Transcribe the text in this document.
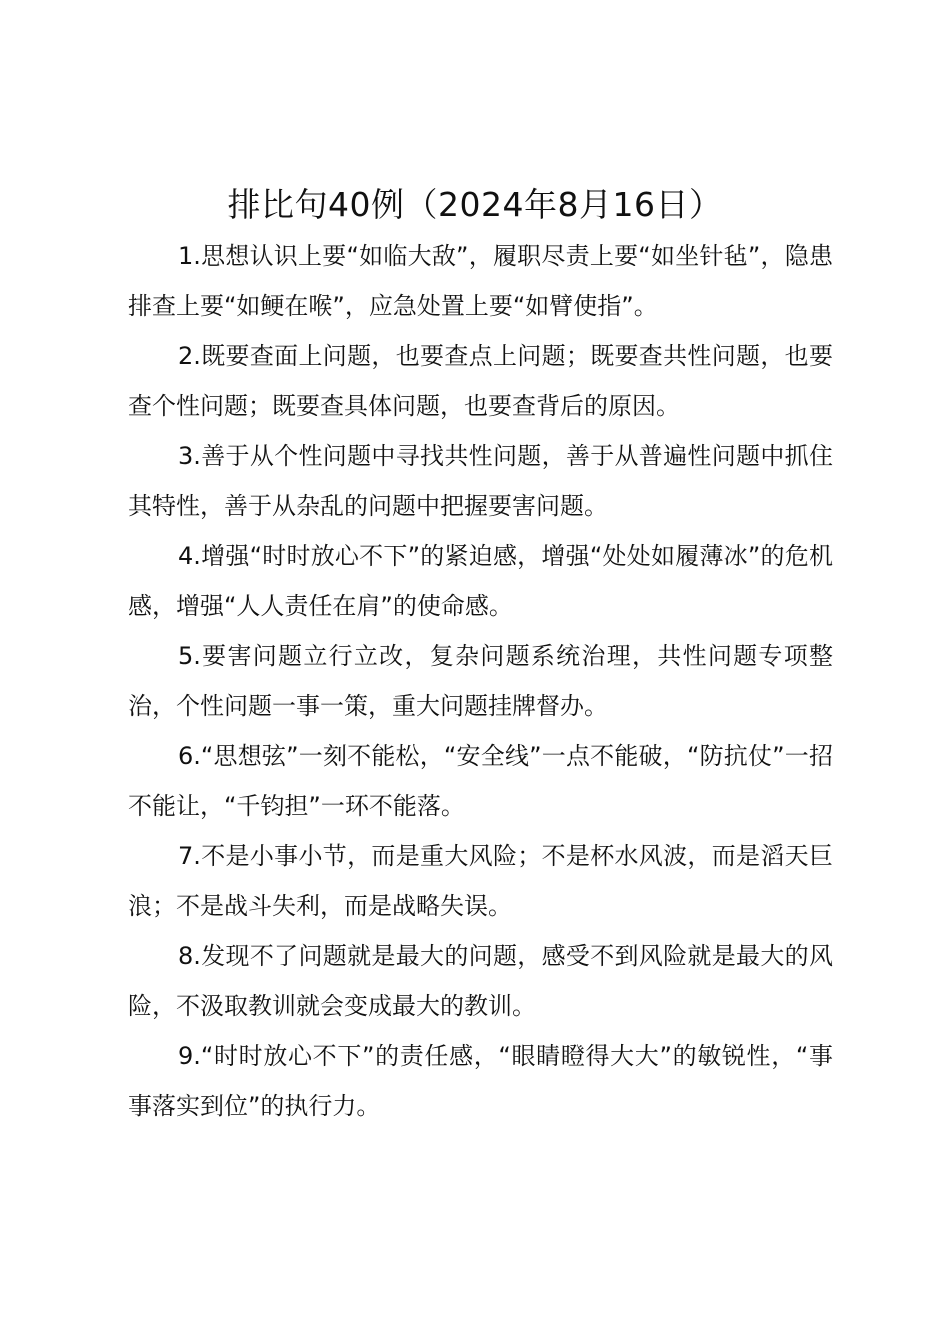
排比句40例（2024年8月16日）

1.思想认识上要“如临大敌”，履职尽责上要“如坐针毡”，隐患排查上要“如鲠在喉”，应急处置上要“如臂使指”。

2.既要查面上问题，也要查点上问题；既要查共性问题，也要查个性问题；既要查具体问题，也要查背后的原因。

3.善于从个性问题中寻找共性问题，善于从普遍性问题中抓住其特性，善于从杂乱的问题中把握要害问题。

4.增强“时时放心不下”的紧迫感，增强“处处如履薄冰”的危机感，增强“人人责任在肩”的使命感。

5.要害问题立行立改，复杂问题系统治理，共性问题专项整治，个性问题一事一策，重大问题挂牌督办。

6.“思想弦”一刻不能松，“安全线”一点不能破，“防抗仗”一招不能让，“千钧担”一环不能落。

7.不是小事小节，而是重大风险；不是杯水风波，而是滔天巨浪；不是战斗失利，而是战略失误。

8.发现不了问题就是最大的问题，感受不到风险就是最大的风险，不汲取教训就会变成最大的教训。

9.“时时放心不下”的责任感，“眼睛瞪得大大”的敏锐性，“事事落实到位”的执行力。
